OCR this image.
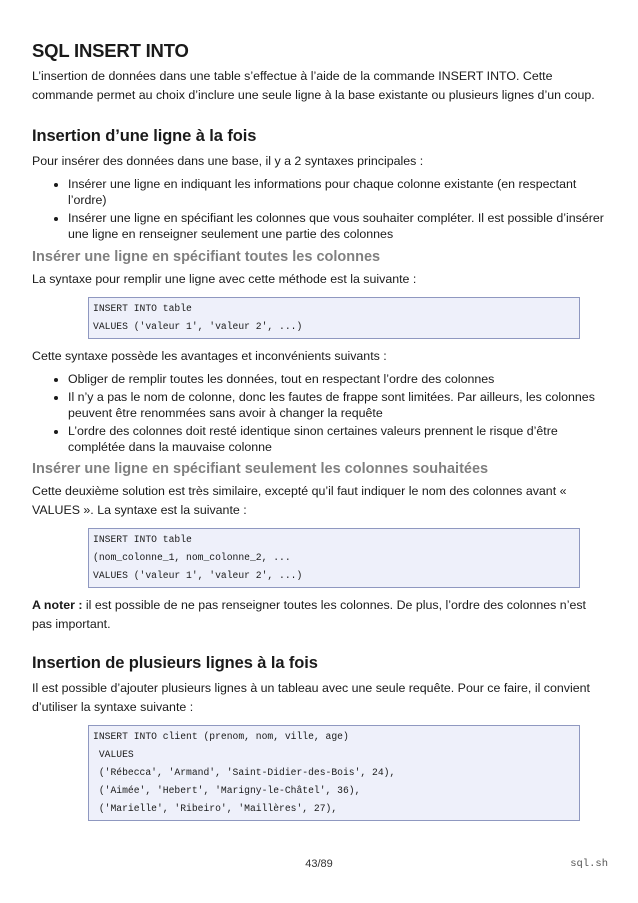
SQL INSERT INTO

L’insertion de données dans une table s’effectue à l’aide de la commande INSERT INTO. Cette commande permet au choix d’inclure une seule ligne à la base existante ou plusieurs lignes d’un coup.

Insertion d’une ligne à la fois

Pour insérer des données dans une base, il y a 2 syntaxes principales :

• Insérer une ligne en indiquant les informations pour chaque colonne existante (en respectant l’ordre)
• Insérer une ligne en spécifiant les colonnes que vous souhaiter compléter. Il est possible d’insérer une ligne en renseigner seulement une partie des colonnes
Insérer une ligne en spécifiant toutes les colonnes

La syntaxe pour remplir une ligne avec cette méthode est la suivante :

INSERT INTO table
VALUES ('valeur 1', 'valeur 2', ...)

Cette syntaxe possède les avantages et inconvénients suivants :

• Obliger de remplir toutes les données, tout en respectant l’ordre des colonnes
• Il n’y a pas le nom de colonne, donc les fautes de frappe sont limitées. Par ailleurs, les colonnes peuvent être renommées sans avoir à changer la requête
• L’ordre des colonnes doit resté identique sinon certaines valeurs prennent le risque d’être complétée dans la mauvaise colonne
Insérer une ligne en spécifiant seulement les colonnes souhaitées

Cette deuxième solution est très similaire, excepté qu’il faut indiquer le nom des colonnes avant « VALUES ». La syntaxe est la suivante :

INSERT INTO table
(nom_colonne_1, nom_colonne_2, ...
VALUES ('valeur 1', 'valeur 2', ...)

A noter : il est possible de ne pas renseigner toutes les colonnes. De plus, l’ordre des colonnes n’est pas important.

Insertion de plusieurs lignes à la fois

Il est possible d’ajouter plusieurs lignes à un tableau avec une seule requête. Pour ce faire, il convient d’utiliser la syntaxe suivante :

INSERT INTO client (prenom, nom, ville, age)
VALUES
('Rébecca', 'Armand', 'Saint-Didier-des-Bois', 24),
('Aimée', 'Hebert', 'Marigny-le-Châtel', 36),
('Marielle', 'Ribeiro', 'Maillères', 27),
43/89	sql.sh
